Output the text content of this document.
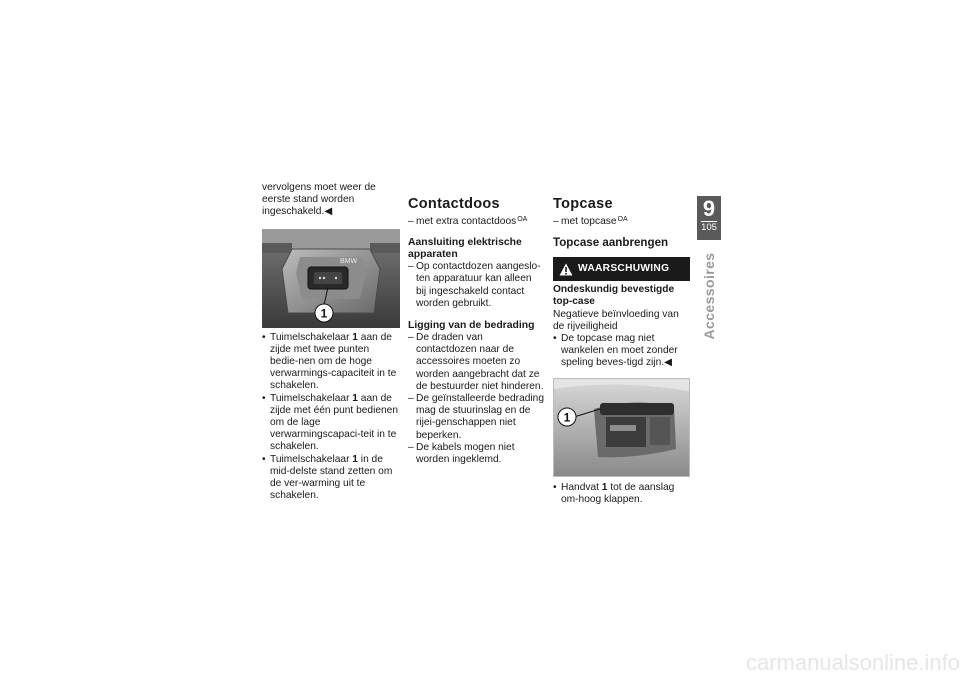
vervolgens moet weer de eerste stand worden ingeschakeld.◀

BMW
1

• Tuimelschakelaar 1 aan de zijde met twee punten bedie-nen om de hoge verwarmings-capaciteit in te schakelen.

• Tuimelschakelaar 1 aan de zijde met één punt bedienen om de lage verwarmingscapaci-teit in te schakelen.

• Tuimelschakelaar 1 in de mid-delste stand zetten om de ver-warming uit te schakelen.

Contactdoos

– met extra contactdoos$^{OA}$

Aansluiting elektrische apparaten

– Op contactdozen aangeslo-ten apparatuur kan alleen bij ingeschakeld contact worden gebruikt.

Ligging van de bedrading

– De draden van contactdozen naar de accessoires moeten zo worden aangebracht dat ze de bestuurder niet hinderen.

– De geïnstalleerde bedrading mag de stuurinslag en de rijei-genschappen niet beperken.

– De kabels mogen niet worden ingeklemd.

Topcase

– met topcase$^{OA}$

Topcase aanbrengen
WAARSCHUWING

Ondeskundig bevestigde top-case

Negatieve beïnvloeding van de rijveiligheid

• De topcase mag niet wankelen en moet zonder speling beves-tigd zijn.◀

1

• Handvat 1 tot de aanslag om-hoog klappen.

9
105
Accessoires
carmanualsonline.info
